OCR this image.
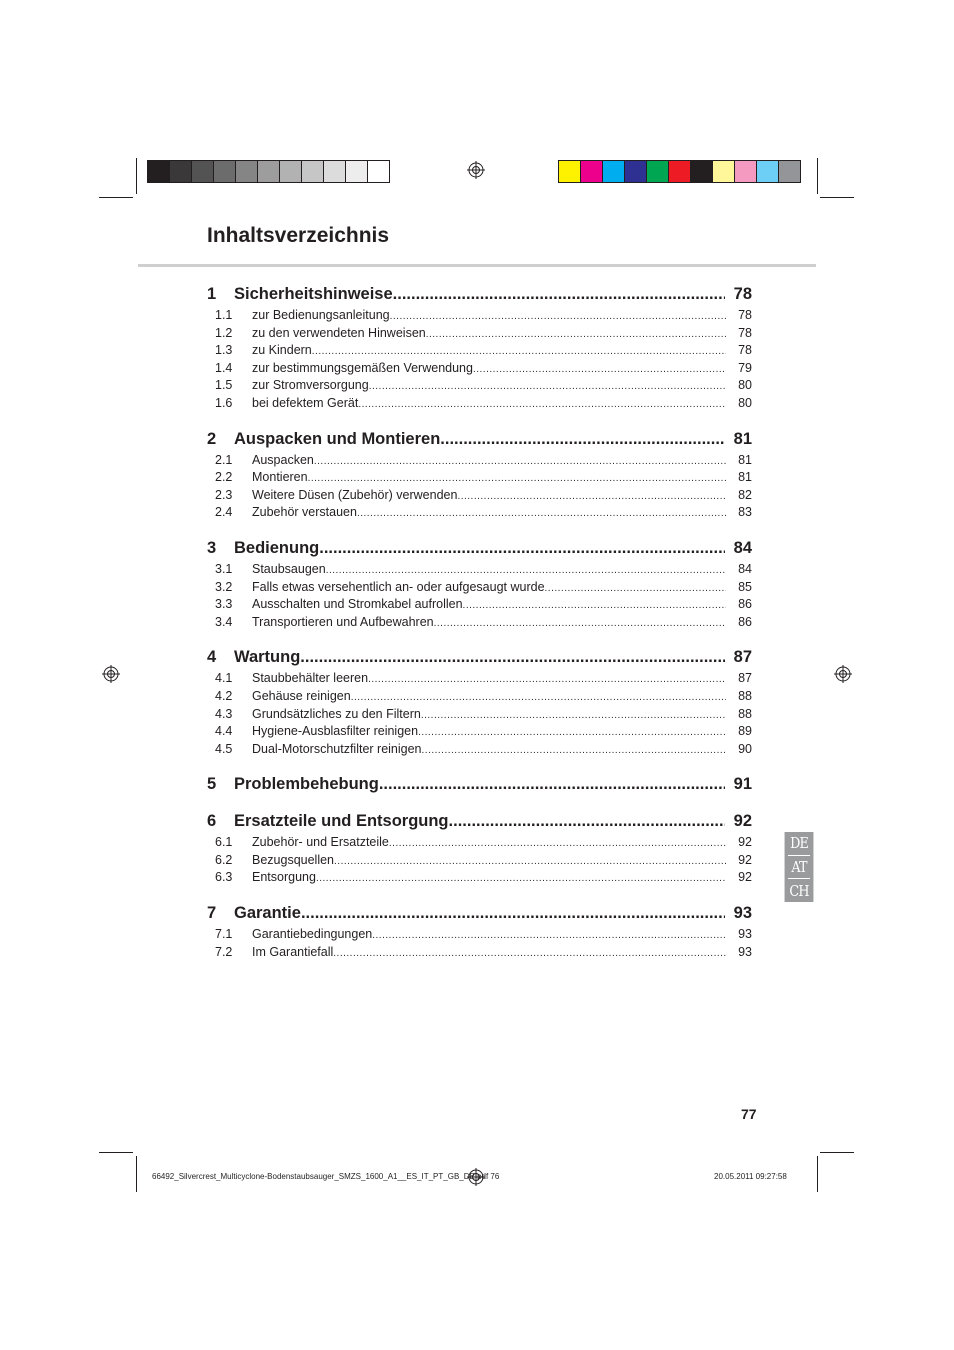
Inhaltsverzeichnis
1	Sicherheitshinweise .....	78
1.1	zur Bedienungsanleitung .....	78
1.2	zu den verwendeten Hinweisen .....	78
1.3	zu Kindern .....	78
1.4	zur bestimmungsgemäßen Verwendung .....	79
1.5	zur Stromversorgung .....	80
1.6	bei defektem Gerät .....	80
2	Auspacken und Montieren .....	81
2.1	Auspacken .....	81
2.2	Montieren .....	81
2.3	Weitere Düsen (Zubehör) verwenden .....	82
2.4	Zubehör verstauen .....	83
3	Bedienung .....	84
3.1	Staubsaugen .....	84
3.2	Falls etwas versehentlich an- oder aufgesaugt wurde .....	85
3.3	Ausschalten und Stromkabel aufrollen .....	86
3.4	Transportieren und Aufbewahren .....	86
4	Wartung .....	87
4.1	Staubbehälter leeren .....	87
4.2	Gehäuse reinigen .....	88
4.3	Grundsätzliches zu den Filtern .....	88
4.4	Hygiene-Ausblasfilter reinigen .....	89
4.5	Dual-Motorschutzfilter reinigen .....	90
5	Problembehebung .....	91
6	Ersatzteile und Entsorgung .....	92
6.1	Zubehör- und Ersatzteile .....	92
6.2	Bezugsquellen .....	92
6.3	Entsorgung .....	92
7	Garantie .....	93
7.1	Garantiebedingungen .....	93
7.2	Im Garantiefall .....	93
DE
AT
CH
77
66492_Silvercrest_Multicyclone-Bodenstaubsauger_SMZS_1600_A1__ES_IT_PT_GB_DE.pdf 76	20.05.2011 09:27:58
